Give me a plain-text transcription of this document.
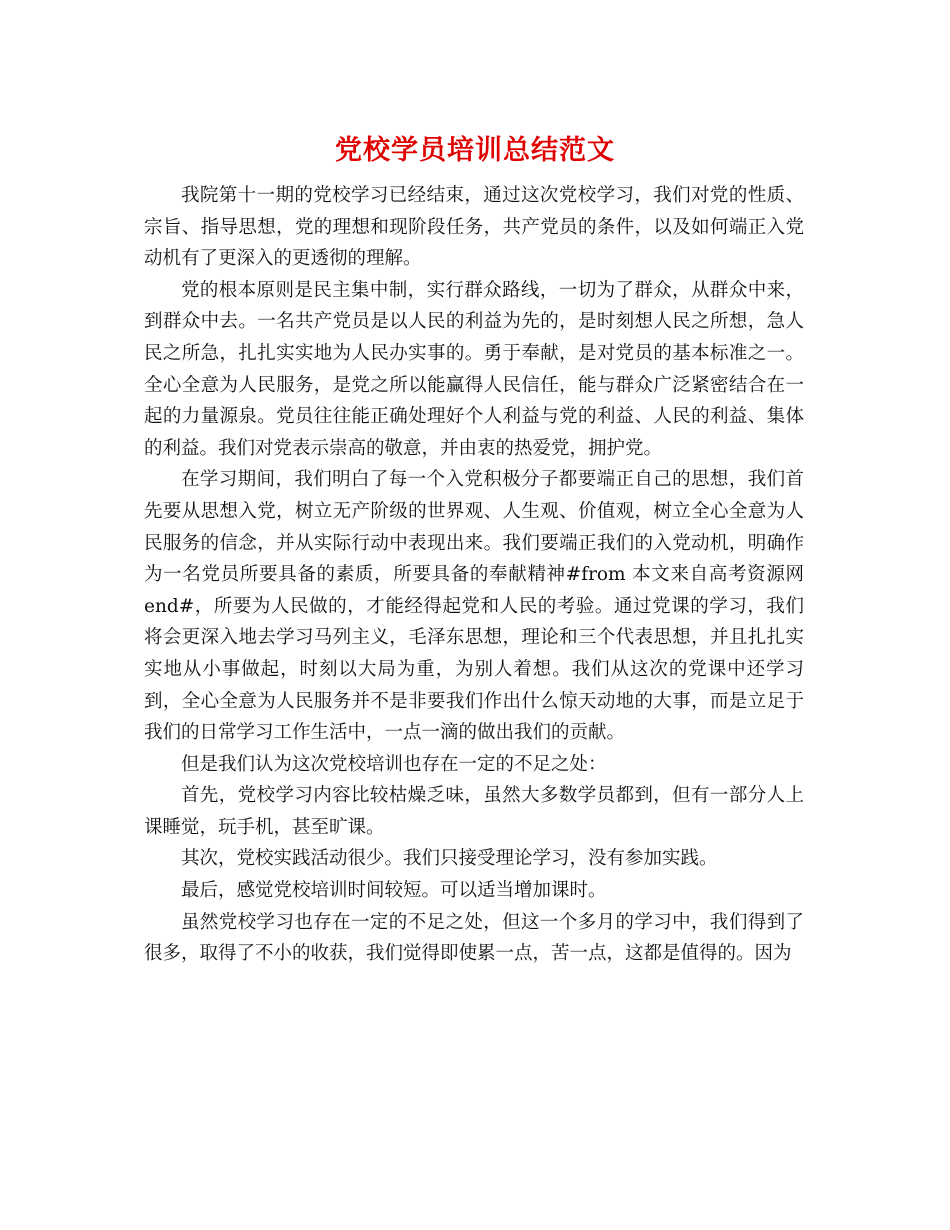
党校学员培训总结范文

我院第十一期的党校学习已经结束，通过这次党校学习，我们对党的性质、宗旨、指导思想，党的理想和现阶段任务，共产党员的条件，以及如何端正入党动机有了更深入的更透彻的理解。

党的根本原则是民主集中制，实行群众路线，一切为了群众，从群众中来，到群众中去。一名共产党员是以人民的利益为先的，是时刻想人民之所想，急人民之所急，扎扎实实地为人民办实事的。勇于奉献，是对党员的基本标准之一。全心全意为人民服务，是党之所以能赢得人民信任，能与群众广泛紧密结合在一起的力量源泉。党员往往能正确处理好个人利益与党的利益、人民的利益、集体的利益。我们对党表示崇高的敬意，并由衷的热爱党，拥护党。

在学习期间，我们明白了每一个入党积极分子都要端正自己的思想，我们首先要从思想入党，树立无产阶级的世界观、人生观、价值观，树立全心全意为人民服务的信念，并从实际行动中表现出来。我们要端正我们的入党动机，明确作为一名党员所要具备的素质，所要具备的奉献精神#from 本文来自高考资源网 end#，所要为人民做的，才能经得起党和人民的考验。通过党课的学习，我们将会更深入地去学习马列主义，毛泽东思想，理论和三个代表思想，并且扎扎实实地从小事做起，时刻以大局为重，为别人着想。我们从这次的党课中还学习到，全心全意为人民服务并不是非要我们作出什么惊天动地的大事，而是立足于我们的日常学习工作生活中，一点一滴的做出我们的贡献。

但是我们认为这次党校培训也存在一定的不足之处：

首先，党校学习内容比较枯燥乏味，虽然大多数学员都到，但有一部分人上课睡觉，玩手机，甚至旷课。

其次，党校实践活动很少。我们只接受理论学习，没有参加实践。

最后，感觉党校培训时间较短。可以适当增加课时。

虽然党校学习也存在一定的不足之处，但这一个多月的学习中，我们得到了很多，取得了不小的收获，我们觉得即使累一点，苦一点，这都是值得的。因为
